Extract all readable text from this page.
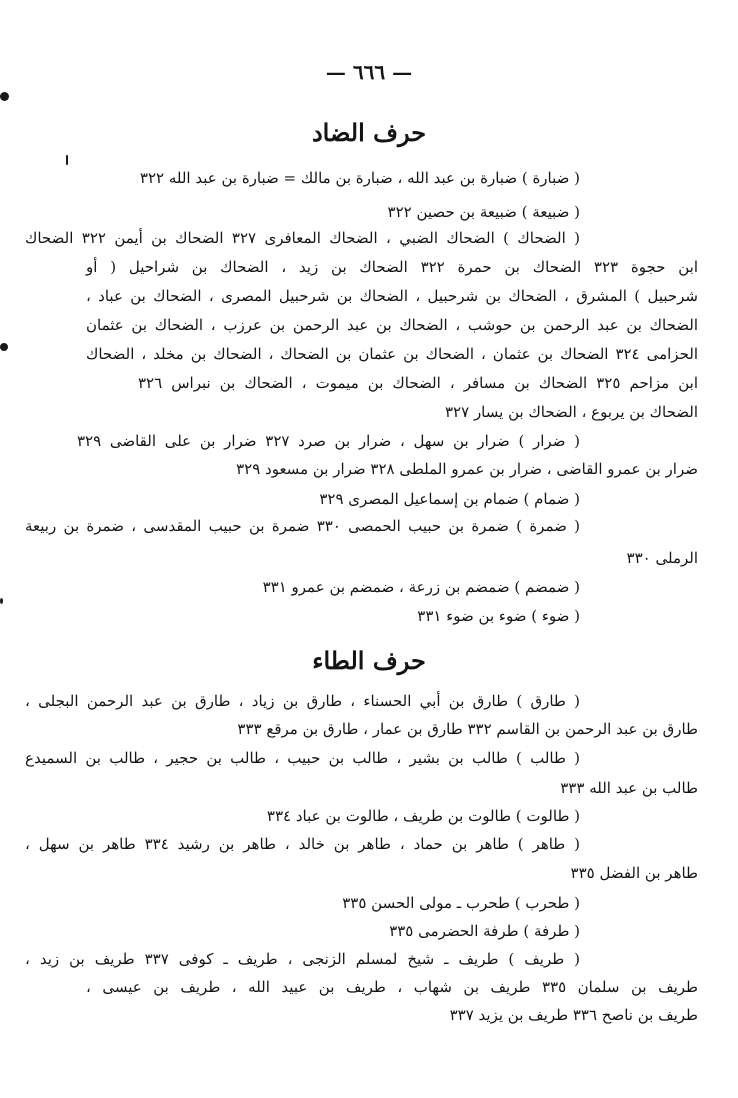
— ٦٦٦ —
حرف الضاد
( ضبارة ) ضبارة بن عبد الله ، ضبارة بن مالك = ضبارة بن عبد الله ٣٢٢
( ضبيعة ) ضبيعة بن حصين ٣٢٢
( الضحاك ) الضحاك الضبي ، الضحاك المعافرى ٣٢٧ الضحاك بن أيمن ٣٢٢ الضحاك
ابن حجوة ٣٢٣ الضحاك بن حمرة ٣٢٢ الضحاك بن زيد ، الضحاك بن شراحيل ( أو
شرحبيل ) المشرق ، الضحاك بن شرحبيل ، الضحاك بن شرحبيل المصرى ، الضحاك بن عباد ،
الضحاك بن عبد الرحمن بن حوشب ، الضحاك بن عبد الرحمن بن عرزب ، الضحاك بن عثمان
الحزامى ٣٢٤ الضحاك بن عثمان ، الضحاك بن عثمان بن الضحاك ، الضحاك بن مخلد ، الضحاك
ابن مزاحم ٣٢٥ الضحاك بن مسافر ، الضحاك بن ميموت ، الضحاك بن نبراس ٣٢٦
الضحاك بن يربوع ، الضحاك بن يسار ٣٢٧
( ضرار ) ضرار بن سهل ، ضرار بن صرد ٣٢٧ ضرار بن على القاضى ٣٢٩
ضرار بن عمرو القاضى ، ضرار بن عمرو الملطى ٣٢٨ ضرار بن مسعود ٣٢٩
( ضمام ) ضمام بن إسماعيل المصرى ٣٢٩
( ضمرة ) ضمرة بن حبيب الحمصى ٣٣٠ ضمرة بن حبيب المقدسى ، ضمرة بن ربيعة
الرملى ٣٣٠
( ضمضم ) ضمضم بن زرعة ، ضمضم بن عمرو ٣٣١
( ضوء ) ضوء بن ضوء ٣٣١
حرف الطاء
( طارق ) طارق بن أبي الحسناء ، طارق بن زياد ، طارق بن عبد الرحمن البجلى ،
طارق بن عبد الرحمن بن القاسم ٣٣٢ طارق بن عمار ، طارق بن مرقع ٣٣٣
( طالب ) طالب بن بشير ، طالب بن حبيب ، طالب بن حجير ، طالب بن السميدع
طالب بن عبد الله ٣٣٣
( طالوت ) طالوت بن طريف ، طالوت بن عباد ٣٣٤
( طاهر ) طاهر بن حماد ، طاهر بن خالد ، طاهر بن رشيد ٣٣٤ طاهر بن سهل ،
طاهر بن الفضل ٣٣٥
( طحرب ) طحرب ـ مولى الحسن ٣٣٥
( طرفة ) طرفة الحضرمى ٣٣٥
( طريف ) طريف ـ شيخ لمسلم الزنجى ، طريف ـ كوفى ٣٣٧ طريف بن زيد ،
طريف بن سلمان ٣٣٥ طريف بن شهاب ، طريف بن عبيد الله ، طريف بن عيسى ،
طريف بن ناصح ٣٣٦ طريف بن يزيد ٣٣٧
